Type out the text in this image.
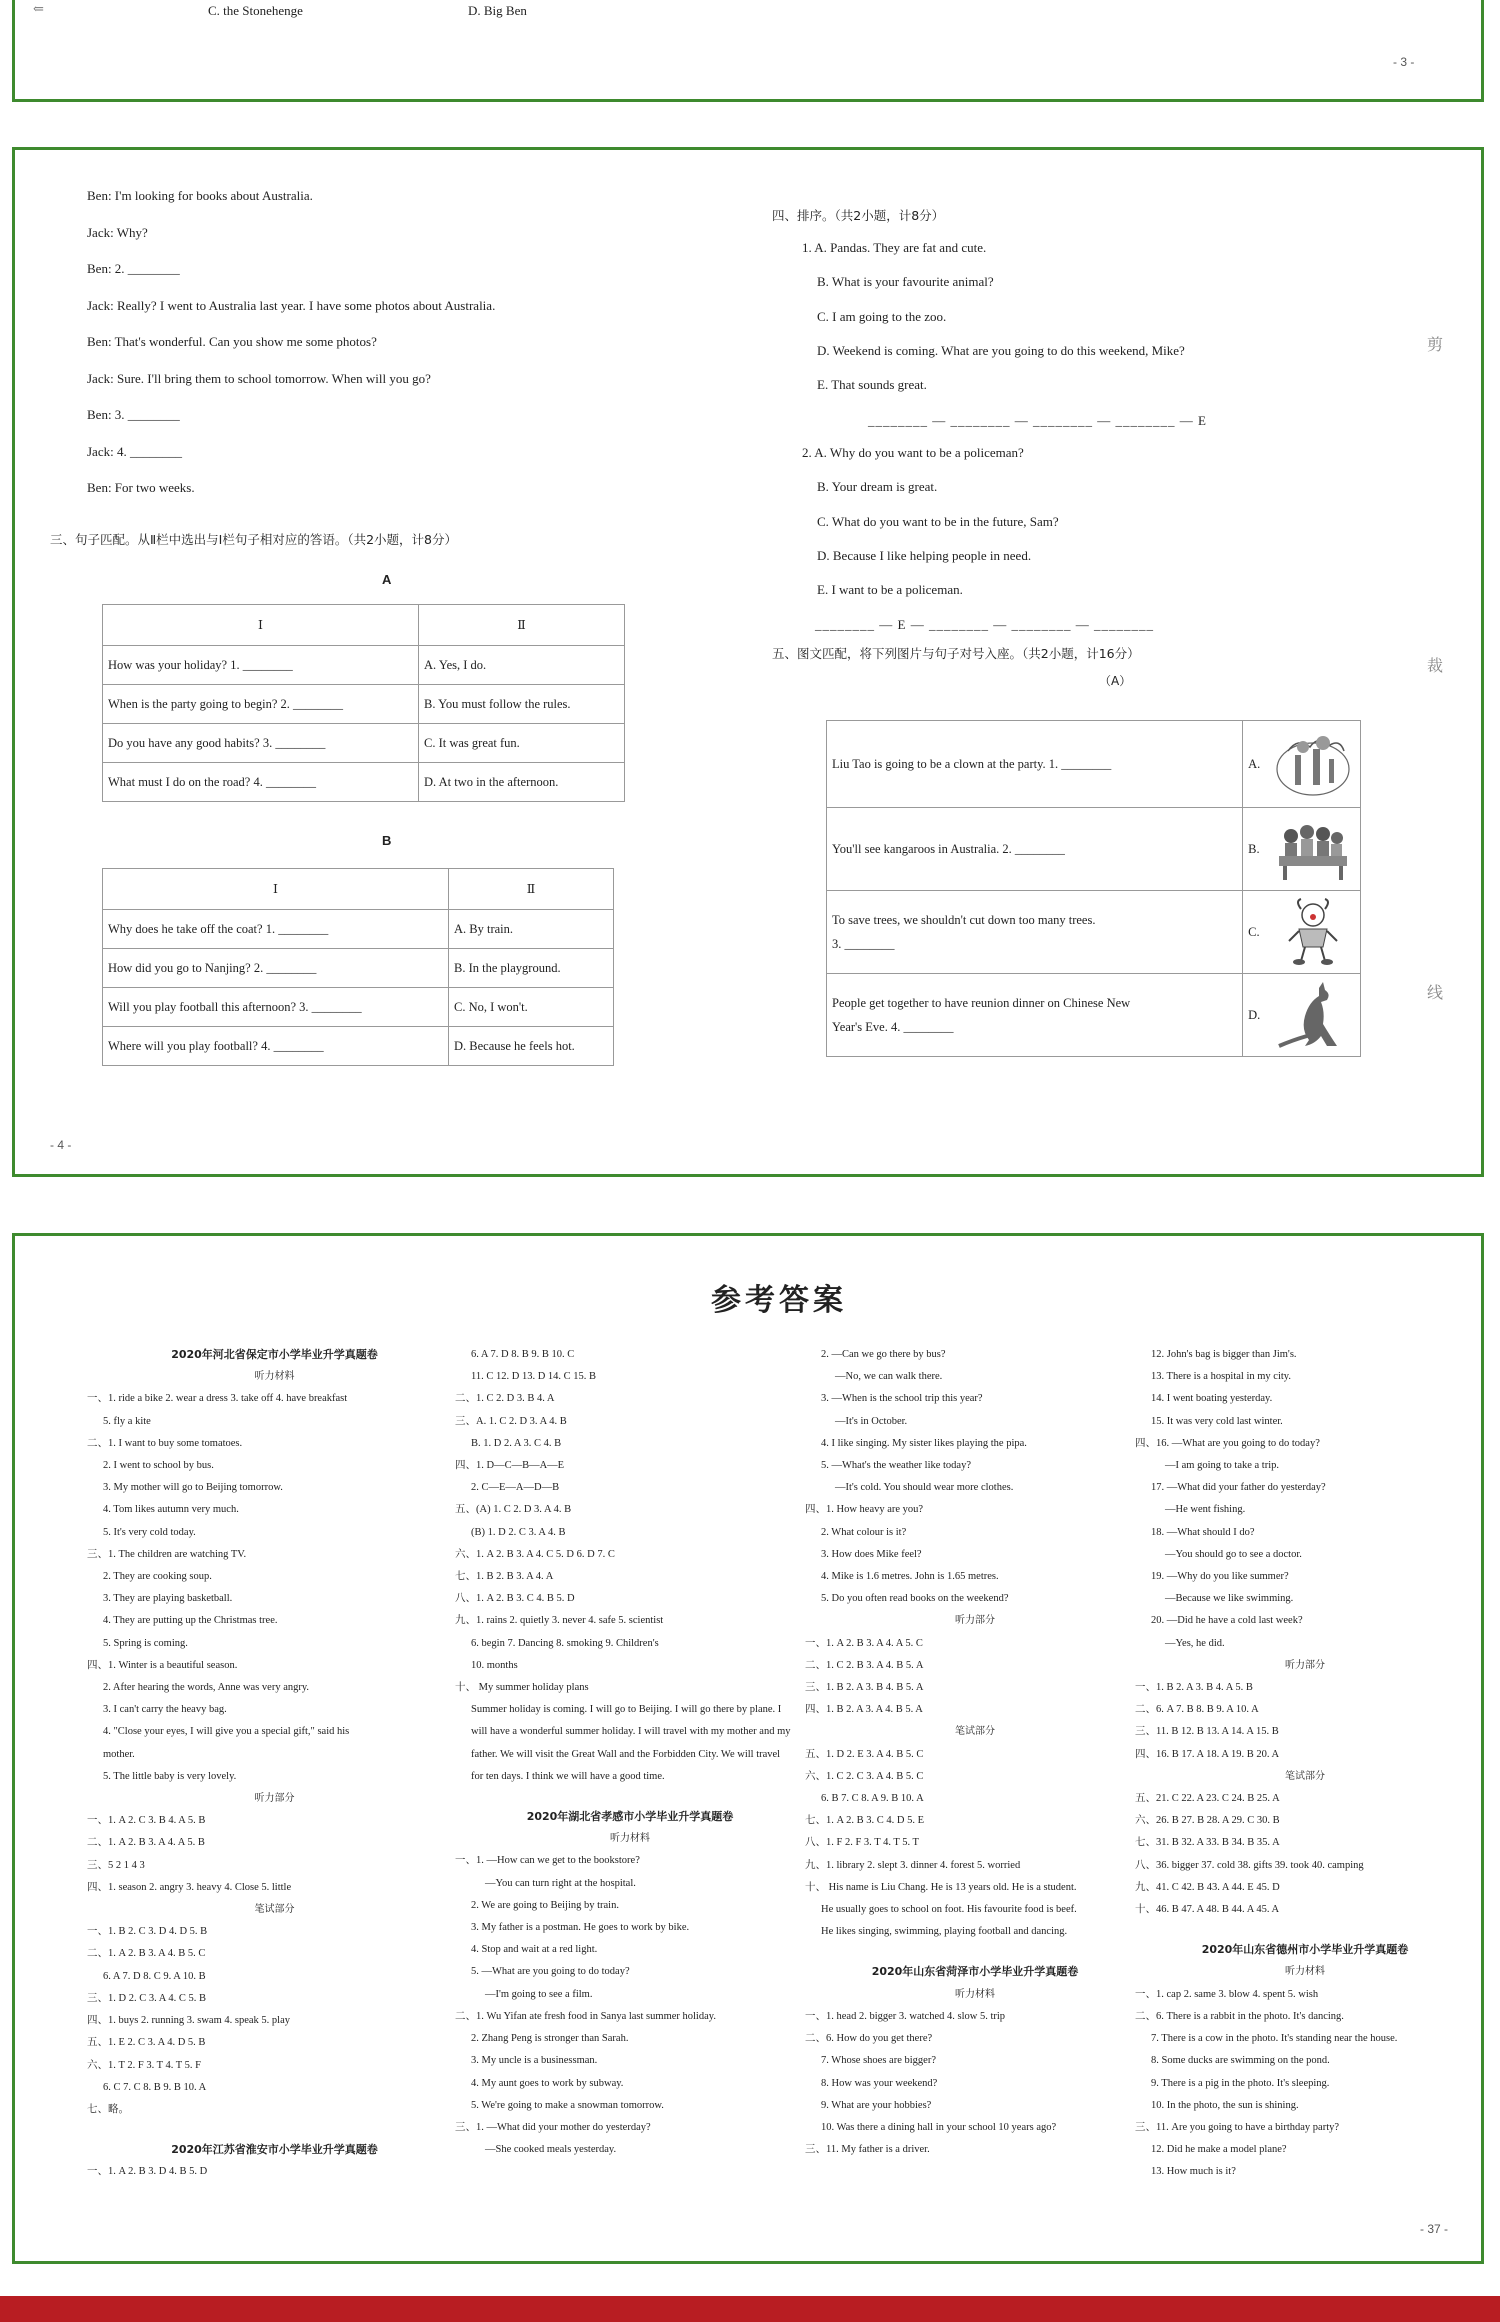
⇐	C. the Stonehenge	D. Big Ben
- 3 -
Ben: I'm looking for books about Australia.
Jack: Why?
Ben: 2. ________
Jack: Really? I went to Australia last year. I have some photos about Australia.
Ben: That's wonderful. Can you show me some photos?
Jack: Sure. I'll bring them to school tomorrow. When will you go?
Ben: 3. ________
Jack: 4. ________
Ben: For two weeks.
三、句子匹配。从Ⅱ栏中选出与Ⅰ栏句子相对应的答语。（共2小题，计8分）
A
Ⅰ	Ⅱ
How was your holiday? 1. ________	A. Yes, I do.
When is the party going to begin? 2. ________	B. You must follow the rules.
Do you have any good habits? 3. ________	C. It was great fun.
What must I do on the road? 4. ________	D. At two in the afternoon.
B
Ⅰ	Ⅱ
Why does he take off the coat? 1. ________	A. By train.
How did you go to Nanjing? 2. ________	B. In the playground.
Will you play football this afternoon? 3. ________	C. No, I won't.
Where will you play football? 4. ________	D. Because he feels hot.
四、排序。（共2小题，计8分）
1. A. Pandas. They are fat and cute.
B. What is your favourite animal?
C. I am going to the zoo.
D. Weekend is coming. What are you going to do this weekend, Mike?
E. That sounds great.
________ — ________ — ________ — ________ — E
2. A. Why do you want to be a policeman?
B. Your dream is great.
C. What do you want to be in the future, Sam?
D. Because I like helping people in need.
E. I want to be a policeman.
________ — E — ________ — ________ — ________
五、图文匹配，将下列图片与句子对号入座。（共2小题，计16分）
（A）
Liu Tao is going to be a clown at the party. 1. ________	A.	

You'll see kangaroos in Australia. 2. ________	B.	

To save trees, we shouldn't cut down too many trees.
3. ________	C.	

People get together to have reunion dinner on Chinese New
Year's Eve. 4. ________	D.	
剪
裁
线
- 4 -
参考答案
2020年河北省保定市小学毕业升学真题卷
听力材料
一、1. ride a bike 2. wear a dress 3. take off 4. have breakfast
5. fly a kite
二、1. I want to buy some tomatoes.
2. I went to school by bus.
3. My mother will go to Beijing tomorrow.
4. Tom likes autumn very much.
5. It's very cold today.
三、1. The children are watching TV.
2. They are cooking soup.
3. They are playing basketball.
4. They are putting up the Christmas tree.
5. Spring is coming.
四、1. Winter is a beautiful season.
2. After hearing the words, Anne was very angry.
3. I can't carry the heavy bag.
4. "Close your eyes, I will give you a special gift," said his
mother.
5. The little baby is very lovely.
听力部分
一、1. A 2. C 3. B 4. A 5. B
二、1. A 2. B 3. A 4. A 5. B
三、5 2 1 4 3
四、1. season 2. angry 3. heavy 4. Close 5. little
笔试部分
一、1. B 2. C 3. D 4. D 5. B
二、1. A 2. B 3. A 4. B 5. C
6. A 7. D 8. C 9. A 10. B
三、1. D 2. C 3. A 4. C 5. B
四、1. buys 2. running 3. swam 4. speak 5. play
五、1. E 2. C 3. A 4. D 5. B
六、1. T 2. F 3. T 4. T 5. F
6. C 7. C 8. B 9. B 10. A
七、略。
2020年江苏省淮安市小学毕业升学真题卷
一、1. A 2. B 3. D 4. B 5. D
6. A 7. D 8. B 9. B 10. C
11. C 12. D 13. D 14. C 15. B
二、1. C 2. D 3. B 4. A
三、A. 1. C 2. D 3. A 4. B
B. 1. D 2. A 3. C 4. B
四、1. D—C—B—A—E
2. C—E—A—D—B
五、(A) 1. C 2. D 3. A 4. B
(B) 1. D 2. C 3. A 4. B
六、1. A 2. B 3. A 4. C 5. D 6. D 7. C
七、1. B 2. B 3. A 4. A
八、1. A 2. B 3. C 4. B 5. D
九、1. rains 2. quietly 3. never 4. safe 5. scientist
6. begin 7. Dancing 8. smoking 9. Children's
10. months
十、 My summer holiday plans
Summer holiday is coming. I will go to Beijing. I will go there by plane. I will have a wonderful summer holiday. I will travel with my mother and my father. We will visit the Great Wall and the Forbidden City. We will travel for ten days. I think we will have a good time.
2020年湖北省孝感市小学毕业升学真题卷
听力材料
一、1. —How can we get to the bookstore?
—You can turn right at the hospital.
2. We are going to Beijing by train.
3. My father is a postman. He goes to work by bike.
4. Stop and wait at a red light.
5. —What are you going to do today?
—I'm going to see a film.
二、1. Wu Yifan ate fresh food in Sanya last summer holiday.
2. Zhang Peng is stronger than Sarah.
3. My uncle is a businessman.
4. My aunt goes to work by subway.
5. We're going to make a snowman tomorrow.
三、1. —What did your mother do yesterday?
—She cooked meals yesterday.
2. —Can we go there by bus?
—No, we can walk there.
3. —When is the school trip this year?
—It's in October.
4. I like singing. My sister likes playing the pipa.
5. —What's the weather like today?
—It's cold. You should wear more clothes.
四、1. How heavy are you?
2. What colour is it?
3. How does Mike feel?
4. Mike is 1.6 metres. John is 1.65 metres.
5. Do you often read books on the weekend?
听力部分
一、1. A 2. B 3. A 4. A 5. C
二、1. C 2. B 3. A 4. B 5. A
三、1. B 2. A 3. B 4. B 5. A
四、1. B 2. A 3. A 4. B 5. A
笔试部分
五、1. D 2. E 3. A 4. B 5. C
六、1. C 2. C 3. A 4. B 5. C
6. B 7. C 8. A 9. B 10. A
七、1. A 2. B 3. C 4. D 5. E
八、1. F 2. F 3. T 4. T 5. T
九、1. library 2. slept 3. dinner 4. forest 5. worried
十、 His name is Liu Chang. He is 13 years old. He is a student.
He usually goes to school on foot. His favourite food is beef.
He likes singing, swimming, playing football and dancing.
2020年山东省菏泽市小学毕业升学真题卷
听力材料
一、1. head 2. bigger 3. watched 4. slow 5. trip
二、6. How do you get there?
7. Whose shoes are bigger?
8. How was your weekend?
9. What are your hobbies?
10. Was there a dining hall in your school 10 years ago?
三、11. My father is a driver.
12. John's bag is bigger than Jim's.
13. There is a hospital in my city.
14. I went boating yesterday.
15. It was very cold last winter.
四、16. —What are you going to do today?
—I am going to take a trip.
17. —What did your father do yesterday?
—He went fishing.
18. —What should I do?
—You should go to see a doctor.
19. —Why do you like summer?
—Because we like swimming.
20. —Did he have a cold last week?
—Yes, he did.
听力部分
一、1. B 2. A 3. B 4. A 5. B
二、6. A 7. B 8. B 9. A 10. A
三、11. B 12. B 13. A 14. A 15. B
四、16. B 17. A 18. A 19. B 20. A
笔试部分
五、21. C 22. A 23. C 24. B 25. A
六、26. B 27. B 28. A 29. C 30. B
七、31. B 32. A 33. B 34. B 35. A
八、36. bigger 37. cold 38. gifts 39. took 40. camping
九、41. C 42. B 43. A 44. E 45. D
十、46. B 47. A 48. B 44. A 45. A
2020年山东省德州市小学毕业升学真题卷
听力材料
一、1. cap 2. same 3. blow 4. spent 5. wish
二、6. There is a rabbit in the photo. It's dancing.
7. There is a cow in the photo. It's standing near the house.
8. Some ducks are swimming on the pond.
9. There is a pig in the photo. It's sleeping.
10. In the photo, the sun is shining.
三、11. Are you going to have a birthday party?
12. Did he make a model plane?
13. How much is it?
- 37 -
